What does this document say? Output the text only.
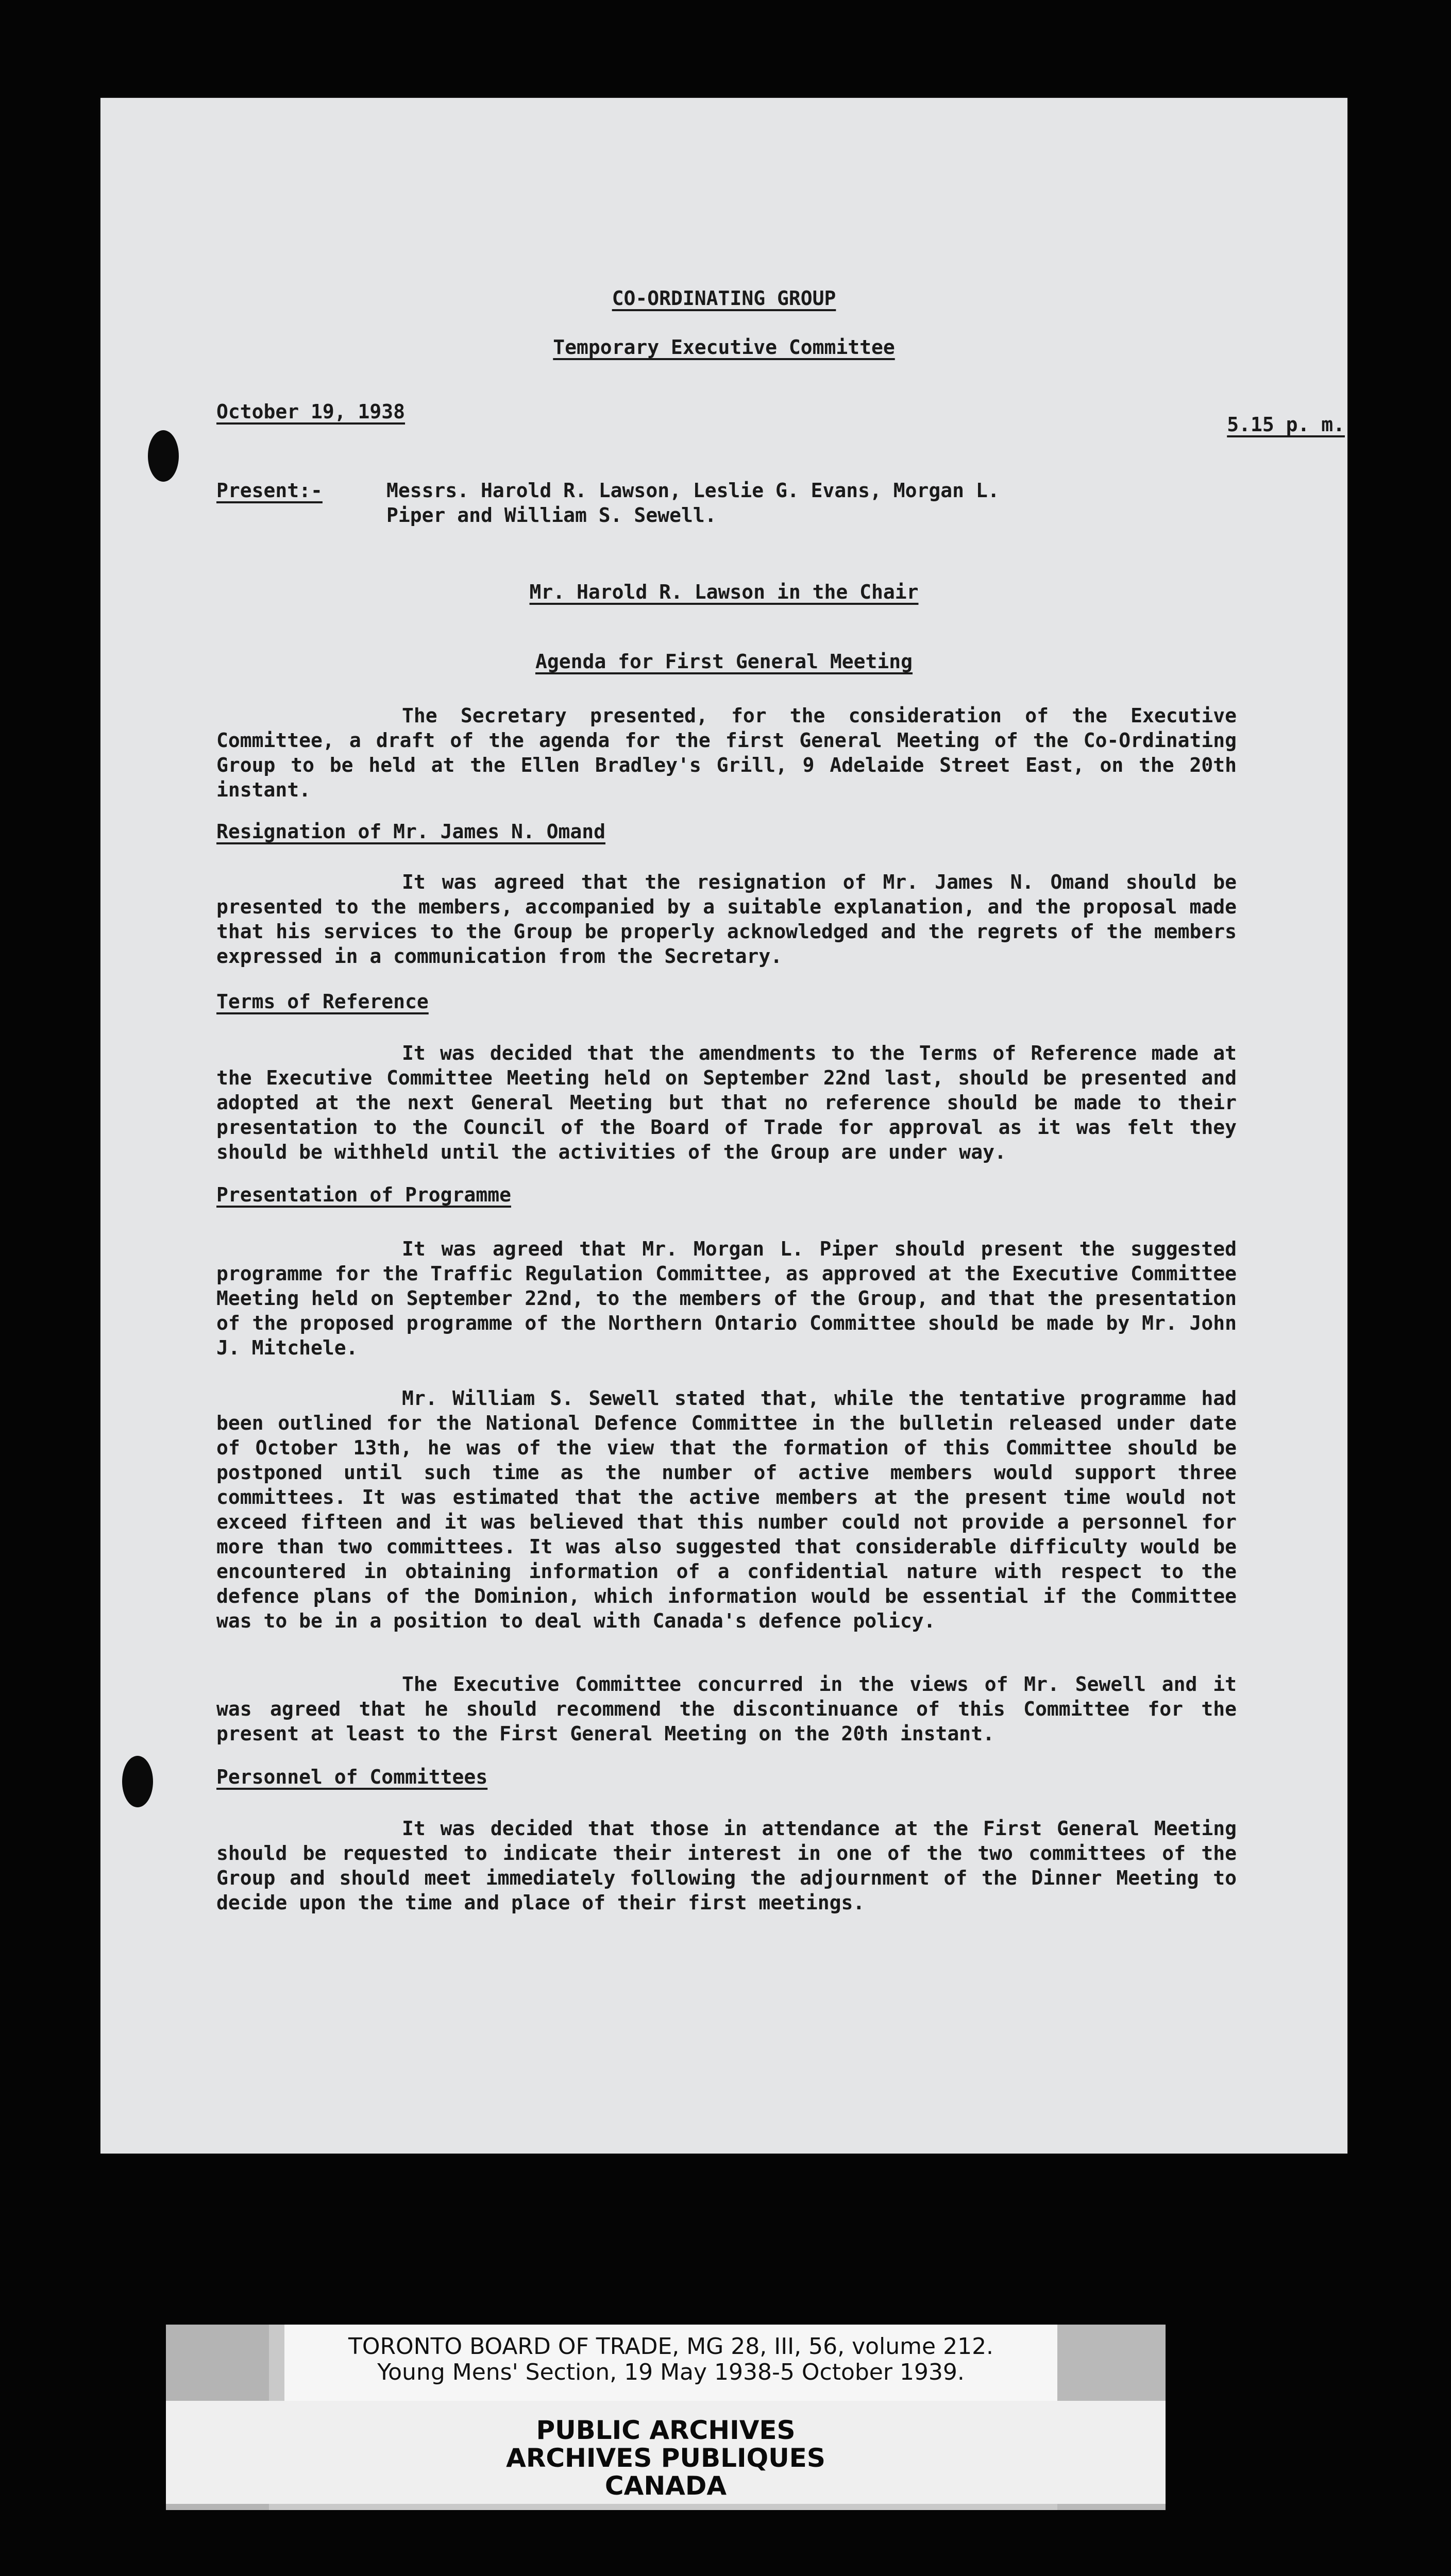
CO-ORDINATING GROUP
Temporary Executive Committee
October 19, 1938
5.15 p. m.
Present:-	Messrs. Harold R. Lawson, Leslie G. Evans, Morgan L. Piper and William S. Sewell.
Mr. Harold R. Lawson in the Chair
Agenda for First General Meeting
The Secretary presented, for the consideration of the Executive Committee, a draft of the agenda for the first General Meeting of the Co-Ordinating Group to be held at the Ellen Bradley's Grill, 9 Adelaide Street East, on the 20th instant.
Resignation of Mr. James N. Omand
It was agreed that the resignation of Mr. James N. Omand should be presented to the members, accompanied by a suitable explanation, and the proposal made that his services to the Group be properly acknowledged and the regrets of the members expressed in a communication from the Secretary.
Terms of Reference
It was decided that the amendments to the Terms of Reference made at the Executive Committee Meeting held on September 22nd last, should be presented and adopted at the next General Meeting but that no reference should be made to their presentation to the Council of the Board of Trade for approval as it was felt they should be withheld until the activities of the Group are under way.
Presentation of Programme
It was agreed that Mr. Morgan L. Piper should present the suggested programme for the Traffic Regulation Committee, as approved at the Executive Committee Meeting held on September 22nd, to the members of the Group, and that the presentation of the proposed programme of the Northern Ontario Committee should be made by Mr. John J. Mitchele.
Mr. William S. Sewell stated that, while the tentative programme had been outlined for the National Defence Committee in the bulletin released under date of October 13th, he was of the view that the formation of this Committee should be postponed until such time as the number of active members would support three committees. It was estimated that the active members at the present time would not exceed fifteen and it was believed that this number could not provide a personnel for more than two committees. It was also suggested that considerable difficulty would be encountered in obtaining information of a confidential nature with respect to the defence plans of the Dominion, which information would be essential if the Committee was to be in a position to deal with Canada's defence policy.
The Executive Committee concurred in the views of Mr. Sewell and it was agreed that he should recommend the discontinuance of this Committee for the present at least to the First General Meeting on the 20th instant.
Personnel of Committees
It was decided that those in attendance at the First General Meeting should be requested to indicate their interest in one of the two committees of the Group and should meet immediately following the adjournment of the Dinner Meeting to decide upon the time and place of their first meetings.
TORONTO BOARD OF TRADE, MG 28, III, 56, volume 212.
Young Mens' Section, 19 May 1938-5 October 1939.
PUBLIC ARCHIVES
ARCHIVES PUBLIQUES
CANADA
